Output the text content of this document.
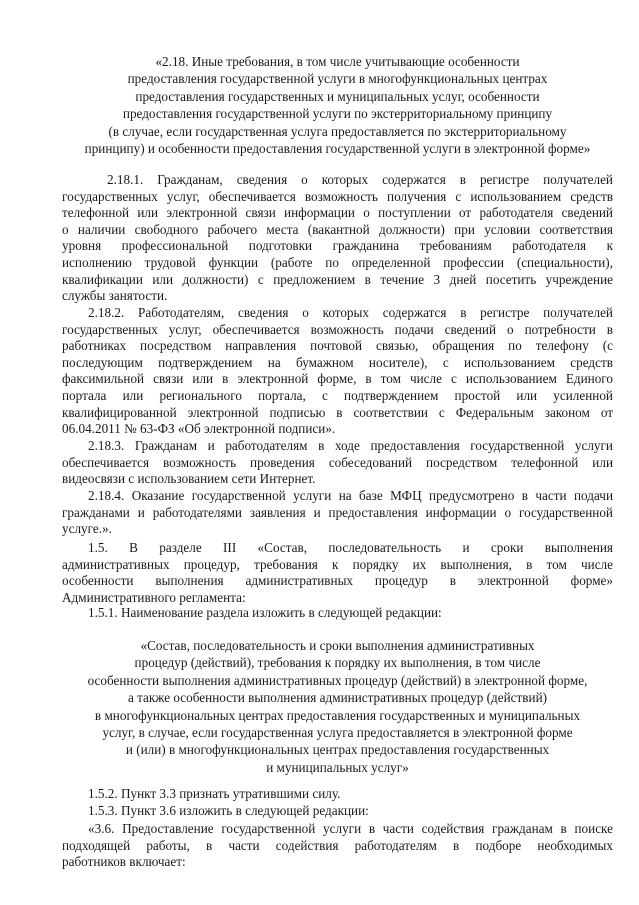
«2.18. Иные требования, в том числе учитывающие особенности
предоставления государственной услуги в многофункциональных центрах
предоставления государственных и муниципальных услуг, особенности
предоставления государственной услуги по экстерриториальному принципу
(в случае, если государственная услуга предоставляется по экстерриториальному
принципу) и особенности предоставления государственной услуги в электронной форме»
2.18.1. Гражданам, сведения о которых содержатся в регистре получателей
государственных услуг, обеспечивается возможность получения с использованием средств
телефонной или электронной связи информации о поступлении от работодателя сведений
о наличии свободного рабочего места (вакантной должности) при условии соответствия
уровня профессиональной подготовки гражданина требованиям работодателя к
исполнению трудовой функции (работе по определенной профессии (специальности),
квалификации или должности) с предложением в течение 3 дней посетить учреждение
службы занятости.
2.18.2. Работодателям, сведения о которых содержатся в регистре получателей
государственных услуг, обеспечивается возможность подачи сведений о потребности в
работниках посредством направления почтовой связью, обращения по телефону (с
последующим подтверждением на бумажном носителе), с использованием средств
факсимильной связи или в электронной форме, в том числе с использованием Единого
портала или регионального портала, с подтверждением простой или усиленной
квалифицированной электронной подписью в соответствии с Федеральным законом от
06.04.2011 № 63-ФЗ «Об электронной подписи».
2.18.3. Гражданам и работодателям в ходе предоставления государственной услуги
обеспечивается возможность проведения собеседований посредством телефонной или
видеосвязи с использованием сети Интернет.
2.18.4. Оказание государственной услуги на базе МФЦ предусмотрено в части подачи
гражданами и работодателями заявления и предоставления информации о государственной
услуге.».
1.5. В разделе III «Состав, последовательность и сроки выполнения
административных процедур, требования к порядку их выполнения, в том числе
особенности выполнения административных процедур в электронной форме»
Административного регламента:
1.5.1. Наименование раздела изложить в следующей редакции:
«Состав, последовательность и сроки выполнения административных
процедур (действий), требования к порядку их выполнения, в том числе
особенности выполнения административных процедур (действий) в электронной форме,
а также особенности выполнения административных процедур (действий)
в многофункциональных центрах предоставления государственных и муниципальных
услуг, в случае, если государственная услуга предоставляется в электронной форме
и (или) в многофункциональных центрах предоставления государственных
и муниципальных услуг»
1.5.2. Пункт 3.3 признать утратившими силу.
1.5.3. Пункт 3.6 изложить в следующей редакции:
«3.6. Предоставление государственной услуги в части содействия гражданам в поиске
подходящей работы, в части содействия работодателям в подборе необходимых
работников включает:
